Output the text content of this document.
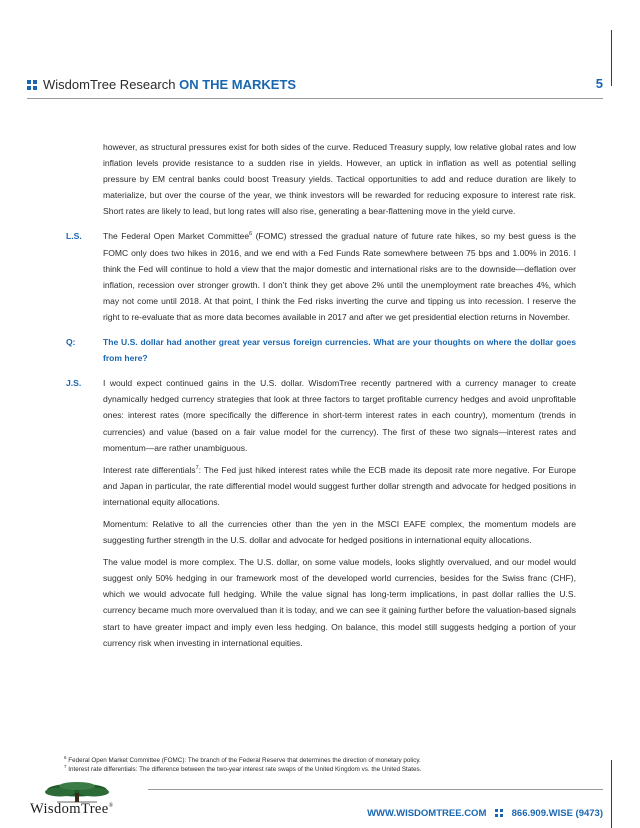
WisdomTree Research ON THE MARKETS	5

however, as structural pressures exist for both sides of the curve. Reduced Treasury supply, low relative global rates and low inflation levels provide resistance to a sudden rise in yields. However, an uptick in inflation as well as potential selling pressure by EM central banks could boost Treasury yields. Tactical opportunities to add and reduce duration are likely to materialize, but over the course of the year, we think investors will be rewarded for reducing exposure to interest rate risk. Short rates are likely to lead, but long rates will also rise, generating a bear-flattening move in the yield curve.

L.S. The Federal Open Market Committee$^6$ (FOMC) stressed the gradual nature of future rate hikes, so my best guess is the FOMC only does two hikes in 2016, and we end with a Fed Funds Rate somewhere between 75 bps and 1.00% in 2016. I think the Fed will continue to hold a view that the major domestic and international risks are to the downside—deflation over inflation, recession over stronger growth. I don’t think they get above 2% until the unemployment rate breaches 4%, which may not come until 2018. At that point, I think the Fed risks inverting the curve and tipping us into recession. I reserve the right to re-evaluate that as more data becomes available in 2017 and after we get presidential election returns in November.
Q:	The U.S. dollar had another great year versus foreign currencies. What are your thoughts on where the dollar goes from here?
J.S.	I would expect continued gains in the U.S. dollar. WisdomTree recently partnered with a currency manager to create dynamically hedged currency strategies that look at three factors to target profitable currency hedges and avoid unprofitable ones: interest rates (more specifically the difference in short-term interest rates in each country), momentum (trends in currencies) and value (based on a fair value model for the currency). The first of these two signals—interest rates and momentum—are rather unambiguous.
Interest rate differentials$^7$: The Fed just hiked interest rates while the ECB made its deposit rate more negative. For Europe and Japan in particular, the rate differential model would suggest further dollar strength and advocate for hedged positions in international equity allocations.

Momentum: Relative to all the currencies other than the yen in the MSCI EAFE complex, the momentum models are suggesting further strength in the U.S. dollar and advocate for hedged positions in international equity allocations.

The value model is more complex. The U.S. dollar, on some value models, looks slightly overvalued, and our model would suggest only 50% hedging in our framework most of the developed world currencies, besides for the Swiss franc (CHF), which we would advocate full hedging. While the value signal has long-term implications, in past dollar rallies the U.S. currency became much more overvalued than it is today, and we can see it gaining further before the valuation-based signals start to have greater impact and imply even less hedging. On balance, this model still suggests hedging a portion of your currency risk when investing in international equities.

$^6$ Federal Open Market Committee (FOMC): The branch of the Federal Reserve that determines the direction of monetary policy.
$^7$ Interest rate differentials: The difference between the two-year interest rate swaps of the United Kingdom vs. the United States.
WisdomTree®
WWW.WISDOMTREE.COM	866.909.WISE (9473)
